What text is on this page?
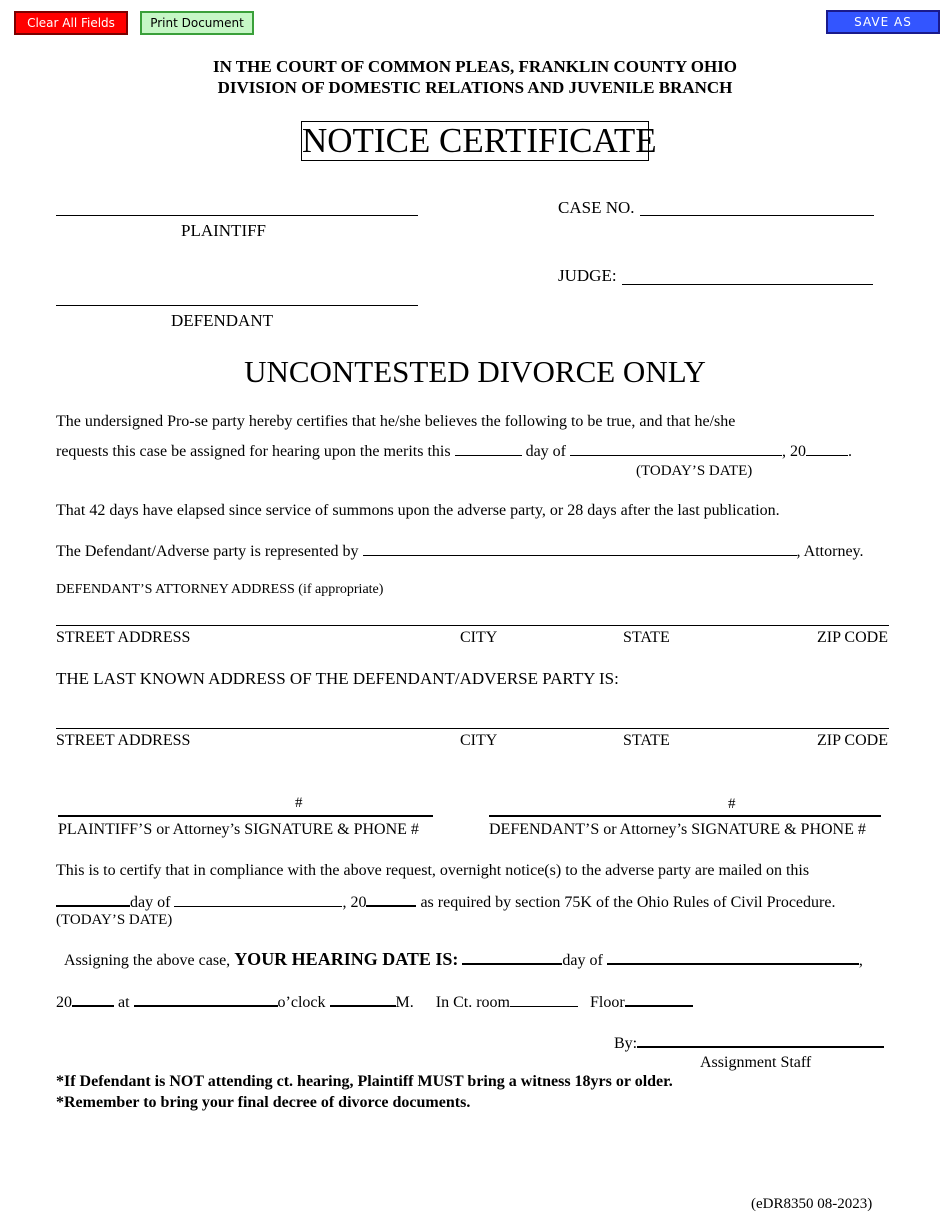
Clear All Fields	Print Document	SAVE AS
IN THE COURT OF COMMON PLEAS, FRANKLIN COUNTY OHIO
DIVISION OF DOMESTIC RELATIONS AND JUVENILE BRANCH
NOTICE CERTIFICATE
PLAINTIFF
CASE NO.
JUDGE:
DEFENDANT
UNCONTESTED DIVORCE ONLY
The undersigned Pro-se party hereby certifies that he/she believes the following to be true, and that he/she
requests this case be assigned for hearing upon the merits this	day of	, 20	.
(TODAY’S DATE)
That 42 days have elapsed since service of summons upon the adverse party, or 28 days after the last publication.
The Defendant/Adverse party is represented by	, Attorney.
DEFENDANT’S ATTORNEY ADDRESS (if appropriate)
STREET ADDRESS	CITY	STATE	ZIP CODE
THE LAST KNOWN ADDRESS OF THE DEFENDANT/ADVERSE PARTY IS:
STREET ADDRESS	CITY	STATE	ZIP CODE
#
PLAINTIFF’S or Attorney’s SIGNATURE & PHONE #
#
DEFENDANT’S or Attorney’s SIGNATURE & PHONE #
This is to certify that in compliance with the above request, overnight notice(s) to the adverse party are mailed on this
day of	, 20	as required by section 75K of the Ohio Rules of Civil Procedure.
(TODAY’S DATE)
Assigning the above case, YOUR HEARING DATE IS:	day of	,
20	at	o’clock	M. In Ct. room	Floor
By:
Assignment Staff
*If Defendant is NOT attending ct. hearing, Plaintiff MUST bring a witness 18yrs or older.
*Remember to bring your final decree of divorce documents.
(eDR8350 08-2023)
